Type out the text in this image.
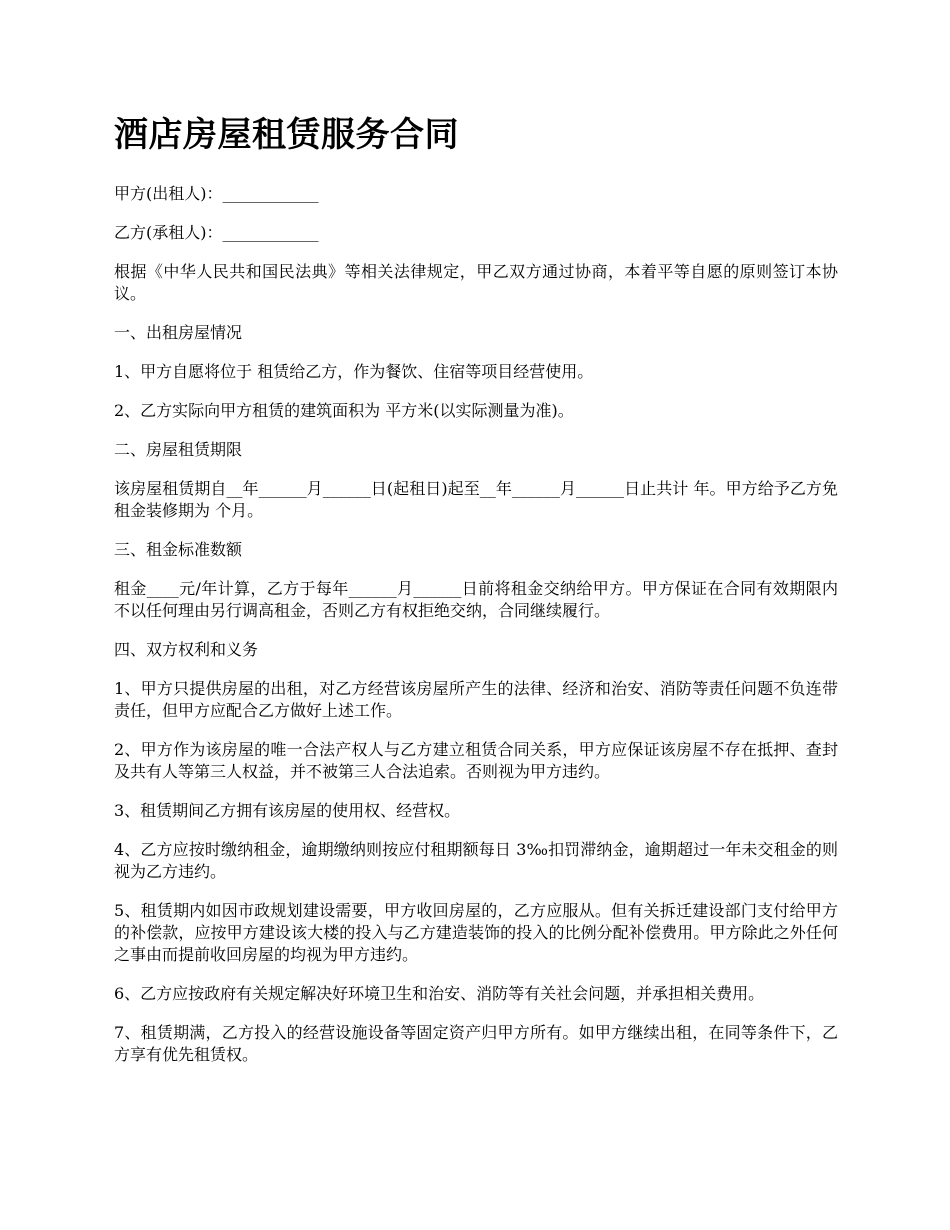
酒店房屋租赁服务合同

甲方(出租人)：____________

乙方(承租人)：____________

根据《中华人民共和国民法典》等相关法律规定，甲乙双方通过协商，本着平等自愿的原则签订本协议。

一、出租房屋情况

1、甲方自愿将位于 租赁给乙方，作为餐饮、住宿等项目经营使用。

2、乙方实际向甲方租赁的建筑面积为 平方米(以实际测量为准)。

二、房屋租赁期限

该房屋租赁期自__年______月______日(起租日)起至__年______月______日止共计 年。甲方给予乙方免租金装修期为 个月。

三、租金标准数额

租金____元/年计算，乙方于每年______月______日前将租金交纳给甲方。甲方保证在合同有效期限内不以任何理由另行调高租金，否则乙方有权拒绝交纳，合同继续履行。

四、双方权利和义务

1、甲方只提供房屋的出租，对乙方经营该房屋所产生的法律、经济和治安、消防等责任问题不负连带责任，但甲方应配合乙方做好上述工作。

2、甲方作为该房屋的唯一合法产权人与乙方建立租赁合同关系，甲方应保证该房屋不存在抵押、查封及共有人等第三人权益，并不被第三人合法追索。否则视为甲方违约。

3、租赁期间乙方拥有该房屋的使用权、经营权。

4、乙方应按时缴纳租金，逾期缴纳则按应付租期额每日 3‰扣罚滞纳金，逾期超过一年未交租金的则视为乙方违约。

5、租赁期内如因市政规划建设需要，甲方收回房屋的，乙方应服从。但有关拆迁建设部门支付给甲方的补偿款，应按甲方建设该大楼的投入与乙方建造装饰的投入的比例分配补偿费用。甲方除此之外任何之事由而提前收回房屋的均视为甲方违约。

6、乙方应按政府有关规定解决好环境卫生和治安、消防等有关社会问题，并承担相关费用。

7、租赁期满，乙方投入的经营设施设备等固定资产归甲方所有。如甲方继续出租，在同等条件下，乙方享有优先租赁权。
